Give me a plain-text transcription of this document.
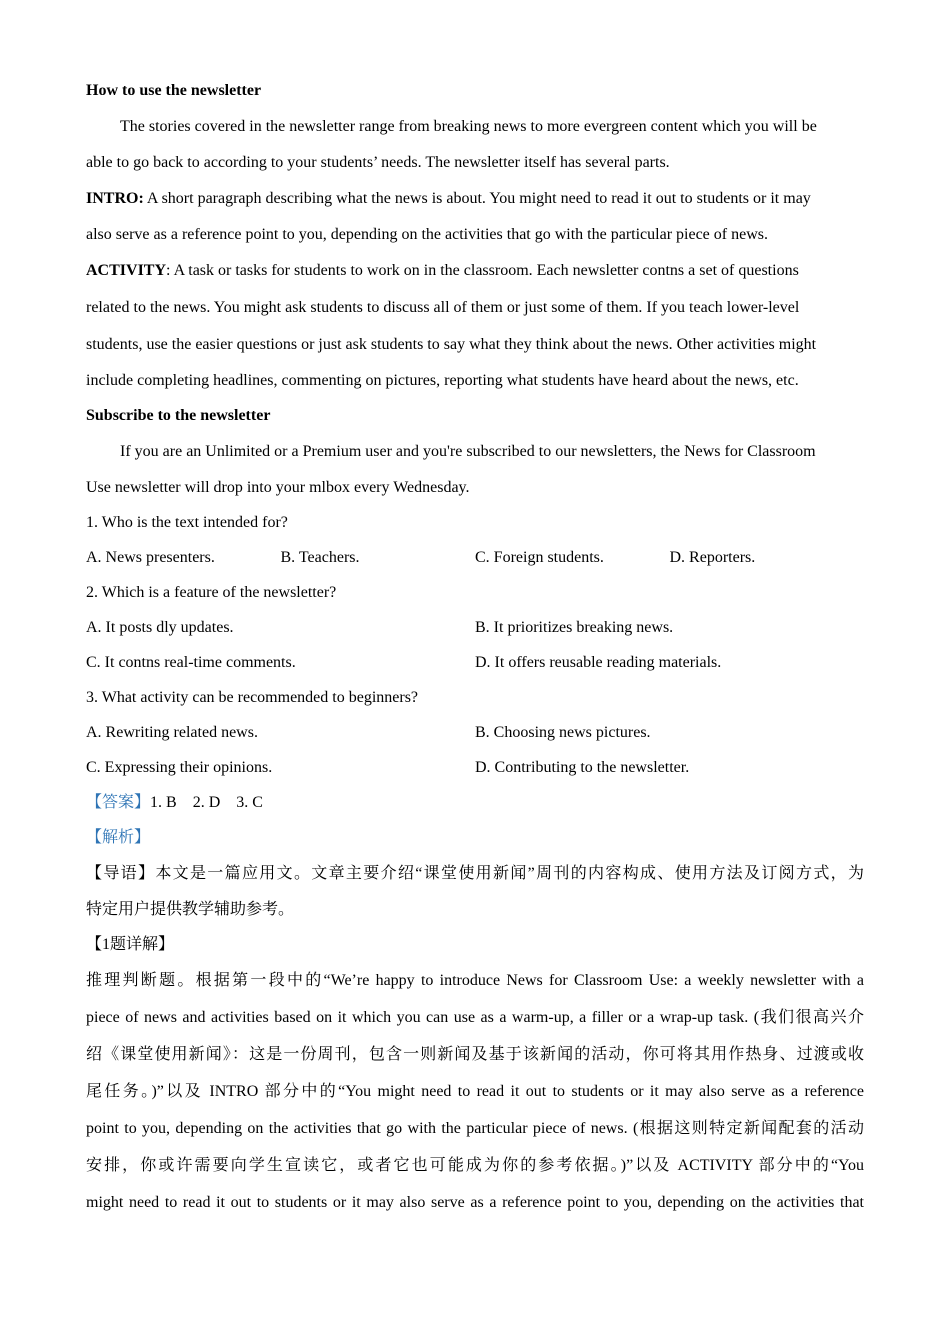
How to use the newsletter
The stories covered in the newsletter range from breaking news to more evergreen content which you will be
able to go back to according to your students’ needs. The newsletter itself has several parts.
INTRO: A short paragraph describing what the news is about. You might need to read it out to students or it may
also serve as a reference point to you, depending on the activities that go with the particular piece of news.
ACTIVITY: A task or tasks for students to work on in the classroom. Each newsletter contns a set of questions
related to the news. You might ask students to discuss all of them or just some of them. If you teach lower-level
students, use the easier questions or just ask students to say what they think about the news. Other activities might
include completing headlines, commenting on pictures, reporting what students have heard about the news, etc.
Subscribe to the newsletter
If you are an Unlimited or a Premium user and you're subscribed to our newsletters, the News for Classroom
Use newsletter will drop into your mlbox every Wednesday.
1. Who is the text intended for?
A. News presenters.	B. Teachers.	C. Foreign students.	D. Reporters.
2. Which is a feature of the newsletter?
A. It posts dly updates.	B. It prioritizes breaking news.
C. It contns real-time comments.	D. It offers reusable reading materials.
3. What activity can be recommended to beginners?
A. Rewriting related news.	B. Choosing news pictures.
C. Expressing their opinions.	D. Contributing to the newsletter.
【答案】1. B    2. D    3. C
【解析】
【导语】本文是一篇应用文。文章主要介绍“课堂使用新闻”周刊的内容构成、使用方法及订阅方式，为
特定用户提供教学辅助参考。
【1题详解】
推理判断题。根据第一段中的“We’re happy to introduce News for Classroom Use: a weekly newsletter with a
piece of news and activities based on it which you can use as a warm-up, a filler or a wrap-up task. (我们很高兴介
绍《课堂使用新闻》：这是一份周刊，包含一则新闻及基于该新闻的活动，你可将其用作热身、过渡或收
尾任务。)”以及 INTRO 部分中的“You might need to read it out to students or it may also serve as a reference
point to you, depending on the activities that go with the particular piece of news. (根据这则特定新闻配套的活动
安排，你或许需要向学生宣读它，或者它也可能成为你的参考依据。)”以及 ACTIVITY 部分中的“You
might need to read it out to students or it may also serve as a reference point to you, depending on the activities that
